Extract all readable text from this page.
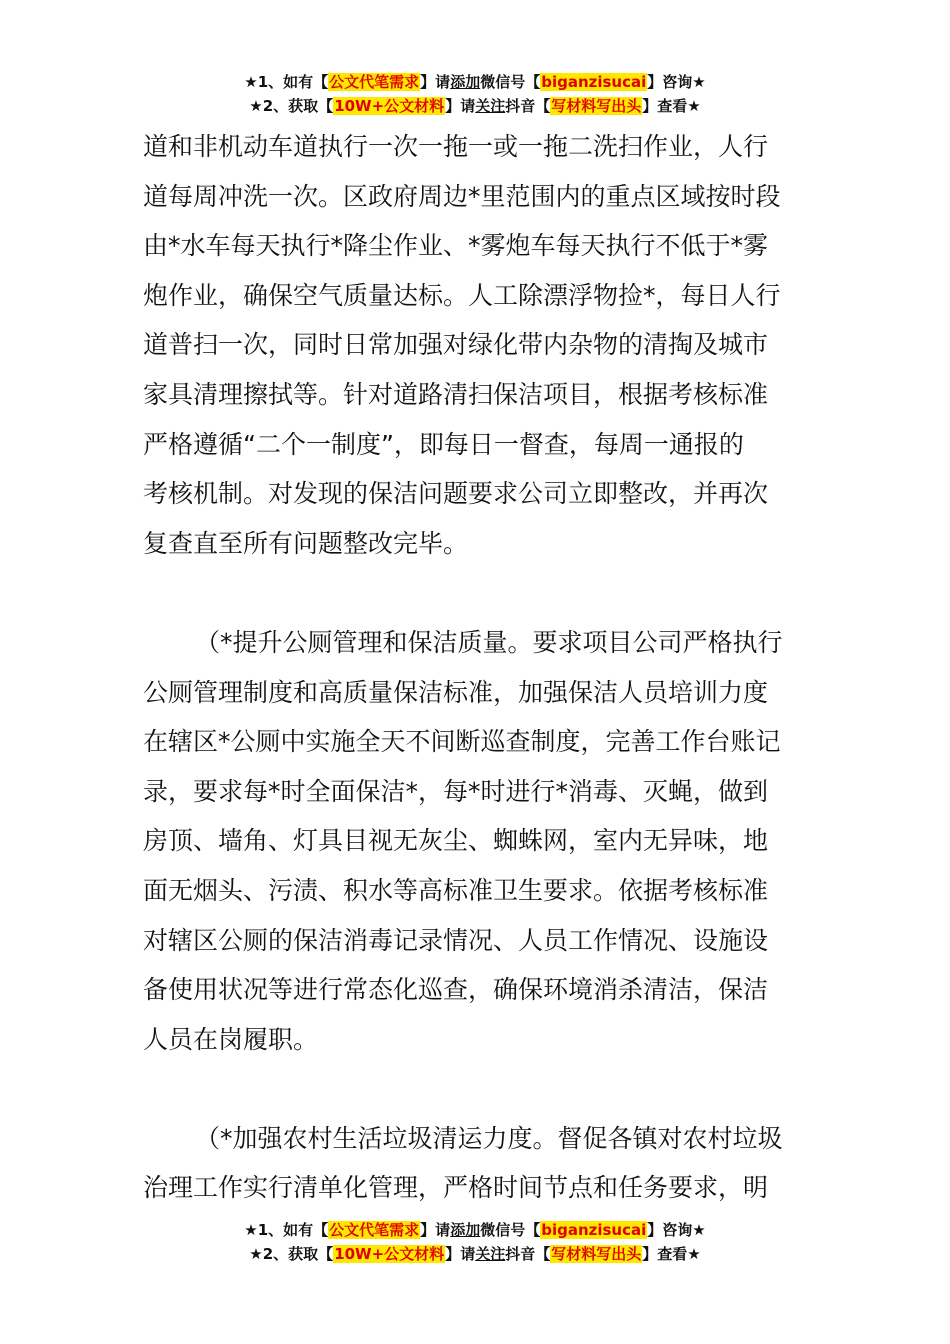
★1、如有【公文代笔需求】请添加微信号【biganzisucai】咨询★
★2、获取【10W+公文材料】请关注抖音【写材料写出头】查看★
道和非机动车道执行一次一拖一或一拖二洗扫作业，人行
道每周冲洗一次。区政府周边*里范围内的重点区域按时段
由*水车每天执行*降尘作业、*雾炮车每天执行不低于*雾
炮作业，确保空气质量达标。人工除漂浮物捡*，每日人行
道普扫一次，同时日常加强对绿化带内杂物的清掏及城市
家具清理擦拭等。针对道路清扫保洁项目，根据考核标准
严格遵循“二个一制度”，即每日一督查，每周一通报的
考核机制。对发现的保洁问题要求公司立即整改，并再次
复查直至所有问题整改完毕。
（*提升公厕管理和保洁质量。要求项目公司严格执行
公厕管理制度和高质量保洁标准，加强保洁人员培训力度
在辖区*公厕中实施全天不间断巡查制度，完善工作台账记
录，要求每*时全面保洁*，每*时进行*消毒、灭蝇，做到
房顶、墙角、灯具目视无灰尘、蜘蛛网，室内无异味，地
面无烟头、污渍、积水等高标准卫生要求。依据考核标准
对辖区公厕的保洁消毒记录情况、人员工作情况、设施设
备使用状况等进行常态化巡查，确保环境消杀清洁，保洁
人员在岗履职。
（*加强农村生活垃圾清运力度。督促各镇对农村垃圾
治理工作实行清单化管理，严格时间节点和任务要求，明
★1、如有【公文代笔需求】请添加微信号【biganzisucai】咨询★
★2、获取【10W+公文材料】请关注抖音【写材料写出头】查看★
